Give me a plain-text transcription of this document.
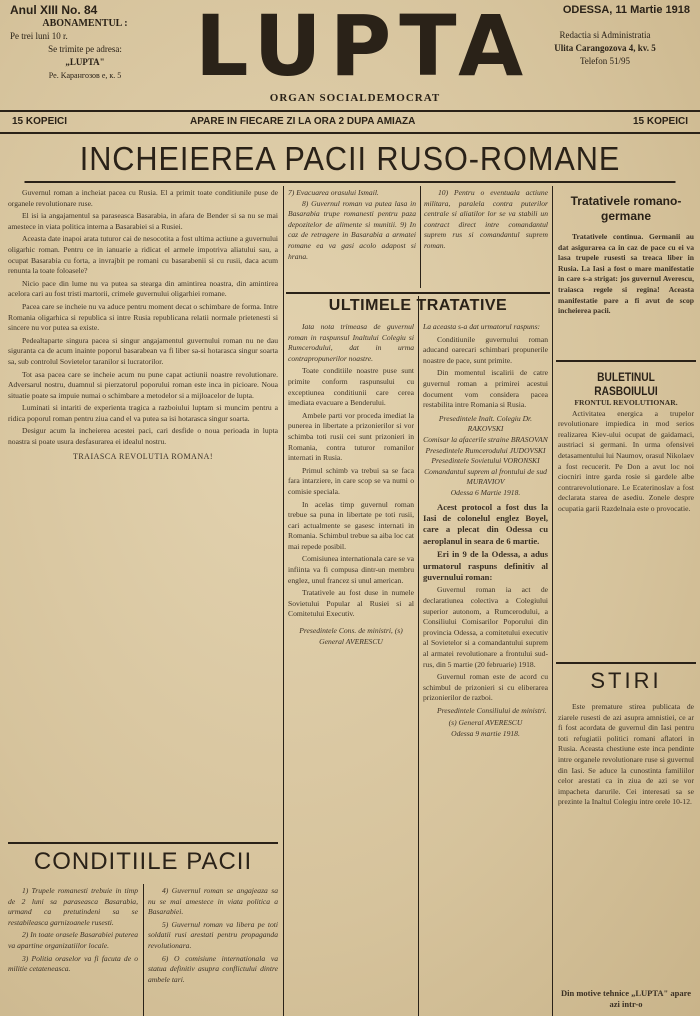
Anul XIII No. 84
ABONAMENTUL :
Pe trei luni 10 r.
Se trimite pe adresa:
„LUPTA"
Pe. Kapaнгозов е, к. 5 LUPTA
ORGAN SOCIALDEMOCRAT
ODESSA, 11 Martie 1918
Redactia si Administratia
Ulita Carangozova 4, kv. 5
Telefon 51/95
15 KOPEICI	APARE IN FIECARE ZI LA ORA 2 DUPA AMIAZA	15 KOPEICI
INCHEIEREA PACII RUSO-ROMANE

Guvernul roman a incheiat pacea cu Rusia. El a primit toate conditiunile puse de organele revolutionare ruse.

El isi ia angajamentul sa paraseasca Basarabia, in afara de Bender si sa nu se mai amestece in viata politica interna a Basarabiei si a Rusiei.

Aceasta date inapoi arata tuturor cai de nesocotita a fost ultima actiune a guvernului oligarhic roman. Pentru ce in ianuarie a ridicat el armele impotriva aliatului sau, a ocupat Basarabia cu forta, a invrajbit pe romani cu basarabenii si cu rusii, daca acum renunta la toate foloasele?

Nicio pace din lume nu va putea sa stearga din amintirea noastra, din amintirea acelora cari au fost tristi martorii, crimele guvernului oligarhiei romane.

Pacea care se incheie nu va aduce pentru moment decat o schimbare de forma. Intre Romania oligarhica si republica si intre Rusia republicana relatii normale prietenesti si sincere nu vor putea sa existe.

Pedealtaparte singura pacea si singur angajamentul guvernului roman nu ne dau siguranta ca de acum inainte poporul basarabean va fi liber sa-si hotarasca singur soarta sa, sub controlul Sovietelor taranilor si lucratorilor.

Tot asa pacea care se incheie acum nu pune capat actiunii noastre revolutionare. Adversarul nostru, duamnul si pierzatorul poporului roman este inca in picioare. Noua situatie poate sa impuie numai o schimbare a metodelor si a mijloacelor de lupta.

Luminati si intariti de experienta tragica a razboiului luptam si muncim pentru a ridica poporul roman pentru ziua cand el va putea sa isi hotarasca singur soarta.

Desigur acum la incheierea acestei paci, cari desfide o noua perioada in lupta noastra si poate usura desfasurarea ei idealul nostru.

TRAIASCA REVOLUTIA ROMANA!
CONDITIILE PACII

1) Trupele romanesti trebuie in timp de 2 luni sa paraseasca Basarabia, urmand ca pretutindeni sa se restabileasca garnizoanele rusesti.

2) In toate orasele Basarabiei puterea va apartine organizatiilor locale.

3) Politia oraselor va fi facuta de o militie cetateneasca.

4) Guvernul roman se angajeaza sa nu se mai amestece in viata politica a Basarabiei.

5) Guvernul roman va libera pe toti soldatii rusi arestati pentru propaganda revolutionara.

6) O comisiune internationala va statua definitiv asupra conflictului dintre ambele tari.

7) Evacuarea orasului Ismail.

8) Guvernul roman va putea lasa in Basarabia trupe romanesti pentru paza depozitelor de alimente si munitii. 9) In caz de retragere in Basarabia a armatei romane ea va gasi acolo adapost si hrana.

10) Pentru o eventuala actiune militara, paralela contra puterilor centrale si aliatilor lor se va stabili un contract direct intre comandantul suprem rus si comandantul suprem roman.

ULTIMELE TRATATIVE

Iata nota trimeasa de guvernul roman in raspunsul Inaltului Colegiu si Rumcerodului, dat in urma contrapropunerilor noastre.

Toate conditiile noastre puse sunt primite conform raspunsului cu exceptiunea conditiunii care cerea imediata evacuare a Benderului.

Ambele parti vor proceda imediat la punerea in libertate a prizonierilor si vor schimba toti rusii cei sunt prizonieri in Romania, contra tuturor romanilor internati in Rusia.

Primul schimb va trebui sa se faca fara intarziere, in care scop se va numi o comisie speciala.

In acelas timp guvernul roman trebue sa puna in libertate pe toti rusii, cari actualmente se gasesc internati in Romania. Schimbul trebue sa aiba loc cat mai repede posibil.

Comisiunea internationala care se va infiinta va fi compusa dintr-un membru englez, unul francez si unul american.

Tratativele au fost duse in numele Sovietului Popular al Rusiei si al Comitetului Executiv.

Presedintele Cons. de ministri, (s) General AVERESCU

La aceasta s-a dat urmatorul raspuns:

Conditiunile guvernului roman aducand oarecari schimbari propunerile noastre de pace, sunt primite.

Din momentul iscalirii de catre guvernul roman a primirei acestui document vom considera pacea restabilita intre Romania si Rusia.

Presedintele Inalt. Colegiu Dr. RAKOVSKI
Comisar la afacerile straine BRASOVAN
Presedintele Rumcerodului JUDOVSKI
Presedintele Sovietului VORONSKI
Comandantul suprem al frontului de sud MURAVIOV
Odessa 6 Martie 1918.

Acest protocol a fost dus la Iasi de colonelul englez Boyel, care a plecat din Odessa cu aeroplanul in seara de 6 martie.

Eri in 9 de la Odessa, a adus urmatorul raspuns definitiv al guvernului roman:

Guvernul roman ia act de declaratiunea colectiva a Colegiului superior autonom, a Rumcerodului, a Consiliului Comisarilor Poporului din provincia Odessa, a comitetului executiv al Sovietelor si a comandantului suprem al armatei revolutionare a frontului sud-rus, din 5 martie (20 februarie) 1918.

Guvernul roman este de acord cu schimbul de prizonieri si cu eliberarea prizonierilor de razboi.

Presedintele Consiliului de ministri.

(s) General AVERESCU
Odessa 9 martie 1918.
Tratativele romano-germane

Tratativele continua. Germanii au dat asigurarea ca in caz de pace cu ei va lasa trupele rusesti sa treaca liber in Rusia. La Iasi a fost o mare manifestatie in care s-a strigat: jos guvernul Averescu, traiasca regele si regina! Aceasta manifestatie pare a fi avut de scop incheierea pacii.

BULETINUL RASBOIULUI
FRONTUL REVOLUTIONAR.

Activitatea energica a trupelor revolutionare impiedica in mod serios realizarea Kiev-ului ocupat de gaidamaci, austriaci si germani. In urma ofensivei detasamentului lui Naumov, orasul Nikolaev a fost recucerit. Pe Don a avut loc noi ciocniri intre garda rosie si gardele albe contrarevolutionare. Le Ecaterinoslav a fost declarata starea de asediu. Zonele despre ocupatia garii Razdelnaia este o provocatie.

STIRI

Este premature stirea publicata de ziarele rusesti de azi asupra amnistiei, ce ar fi fost acordata de guvernul din Iasi pentru toti refugiatii politici romani aflatori in Rusia. Aceasta chestiune este inca pendinte intre organele revolutionare ruse si guvernul din Iasi. Se aduce la cunostinta familiilor celor arestati ca in ziua de azi se vor impacheta darurile. Cei interesati sa se prezinte la Inaltul Colegiu intre orele 10-12.

Din motive tehnice „LUPTA" apare azi intr-o
